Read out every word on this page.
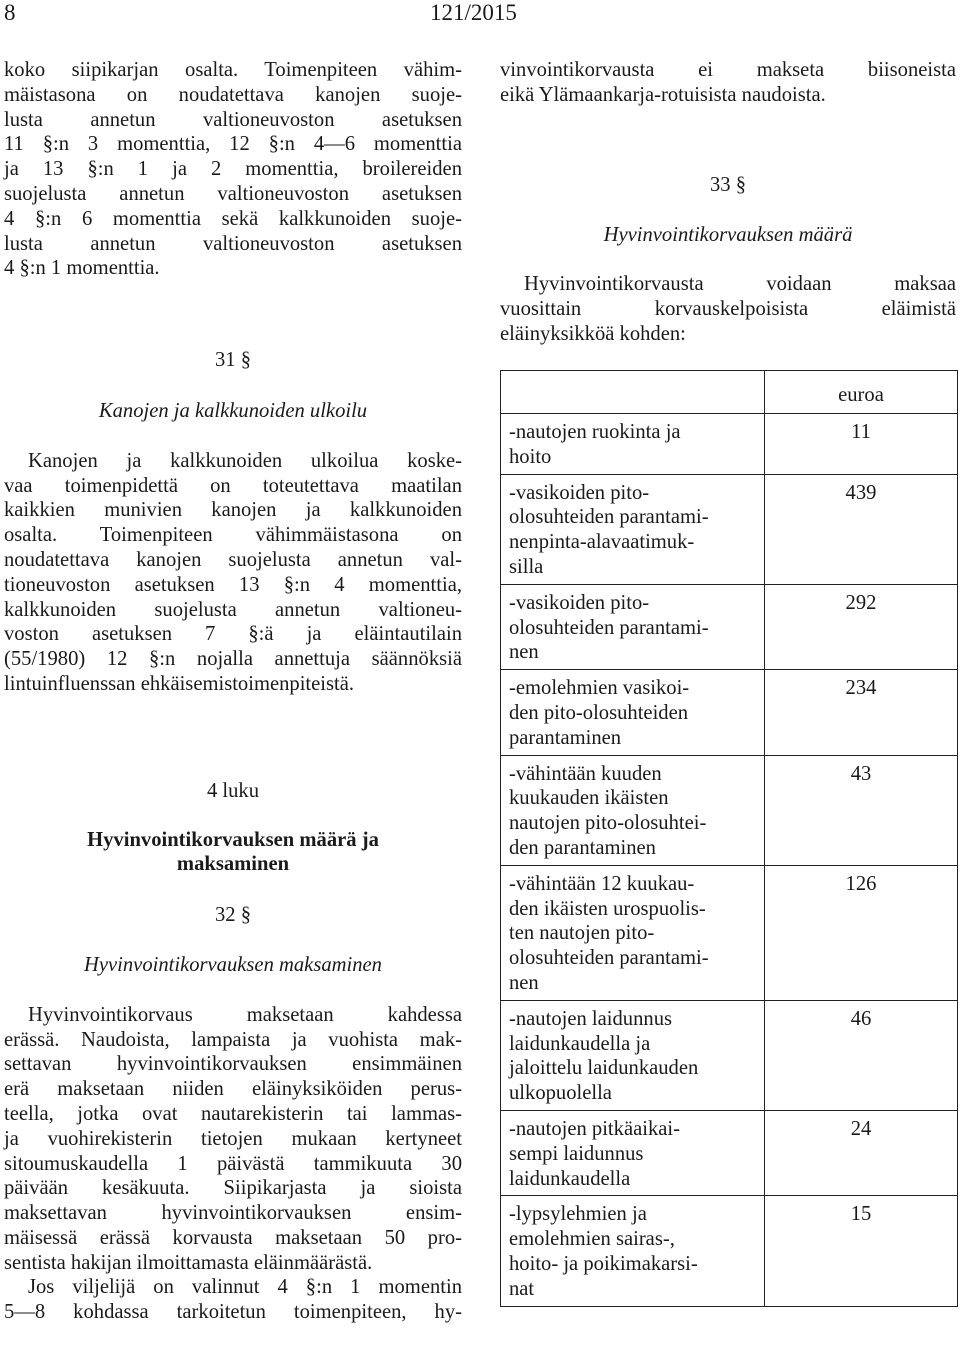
8	121/2015
koko siipikarjan osalta. Toimenpiteen vähim-
mäistasona on noudatettava kanojen suoje-
lusta annetun valtioneuvoston asetuksen
11 §:n 3 momenttia, 12 §:n 4—6 momenttia
ja 13 §:n 1 ja 2 momenttia, broilereiden
suojelusta annetun valtioneuvoston asetuksen
4 §:n 6 momenttia sekä kalkkunoiden suoje-
lusta annetun valtioneuvoston asetuksen
4 §:n 1 momenttia.
31 §
Kanojen ja kalkkunoiden ulkoilu
Kanojen ja kalkkunoiden ulkoilua koske-
vaa toimenpidettä on toteutettava maatilan
kaikkien munivien kanojen ja kalkkunoiden
osalta. Toimenpiteen vähimmäistasona on
noudatettava kanojen suojelusta annetun val-
tioneuvoston asetuksen 13 §:n 4 momenttia,
kalkkunoiden suojelusta annetun valtioneu-
voston asetuksen 7 §:ä ja eläintautilain
(55/1980) 12 §:n nojalla annettuja säännöksiä
lintuinfluenssan ehkäisemistoimenpiteistä.
4 luku
Hyvinvointikorvauksen määrä ja
maksaminen
32 §
Hyvinvointikorvauksen maksaminen
Hyvinvointikorvaus maksetaan kahdessa
erässä. Naudoista, lampaista ja vuohista mak-
settavan hyvinvointikorvauksen ensimmäinen
erä maksetaan niiden eläinyksiköiden perus-
teella, jotka ovat nautarekisterin tai lammas-
ja vuohirekisterin tietojen mukaan kertyneet
sitoumuskaudella 1 päivästä tammikuuta 30
päivään kesäkuuta. Siipikarjasta ja sioista
maksettavan hyvinvointikorvauksen ensim-
mäisessä erässä korvausta maksetaan 50 pro-
sentista hakijan ilmoittamasta eläinmäärästä.
Jos viljelijä on valinnut 4 §:n 1 momentin
5—8 kohdassa tarkoitetun toimenpiteen, hy-
vinvointikorvausta ei makseta biisoneista
eikä Ylämaankarja-rotuisista naudoista.
33 §
Hyvinvointikorvauksen määrä
Hyvinvointikorvausta voidaan maksaa
vuosittain korvauskelpoisista eläimistä
eläinyksikköä kohden:
	euroa

-nautojen ruokinta ja
hoito	11

-vasikoiden pito-
olosuhteiden parantami-
nenpinta-alavaatimuk-
silla	439

-vasikoiden pito-
olosuhteiden parantami-
nen	292

-emolehmien vasikoi-
den pito-olosuhteiden
parantaminen	234

-vähintään kuuden
kuukauden ikäisten
nautojen pito-olosuhtei-
den parantaminen	43

-vähintään 12 kuukau-
den ikäisten urospuolis-
ten nautojen pito-
olosuhteiden parantami-
nen	126

-nautojen laidunnus
laidunkaudella ja
jaloittelu laidunkauden
ulkopuolella	46

-nautojen pitkäaikai-
sempi laidunnus
laidunkaudella	24

-lypsylehmien ja
emolehmien sairas-,
hoito- ja poikimakarsi-
nat	15
